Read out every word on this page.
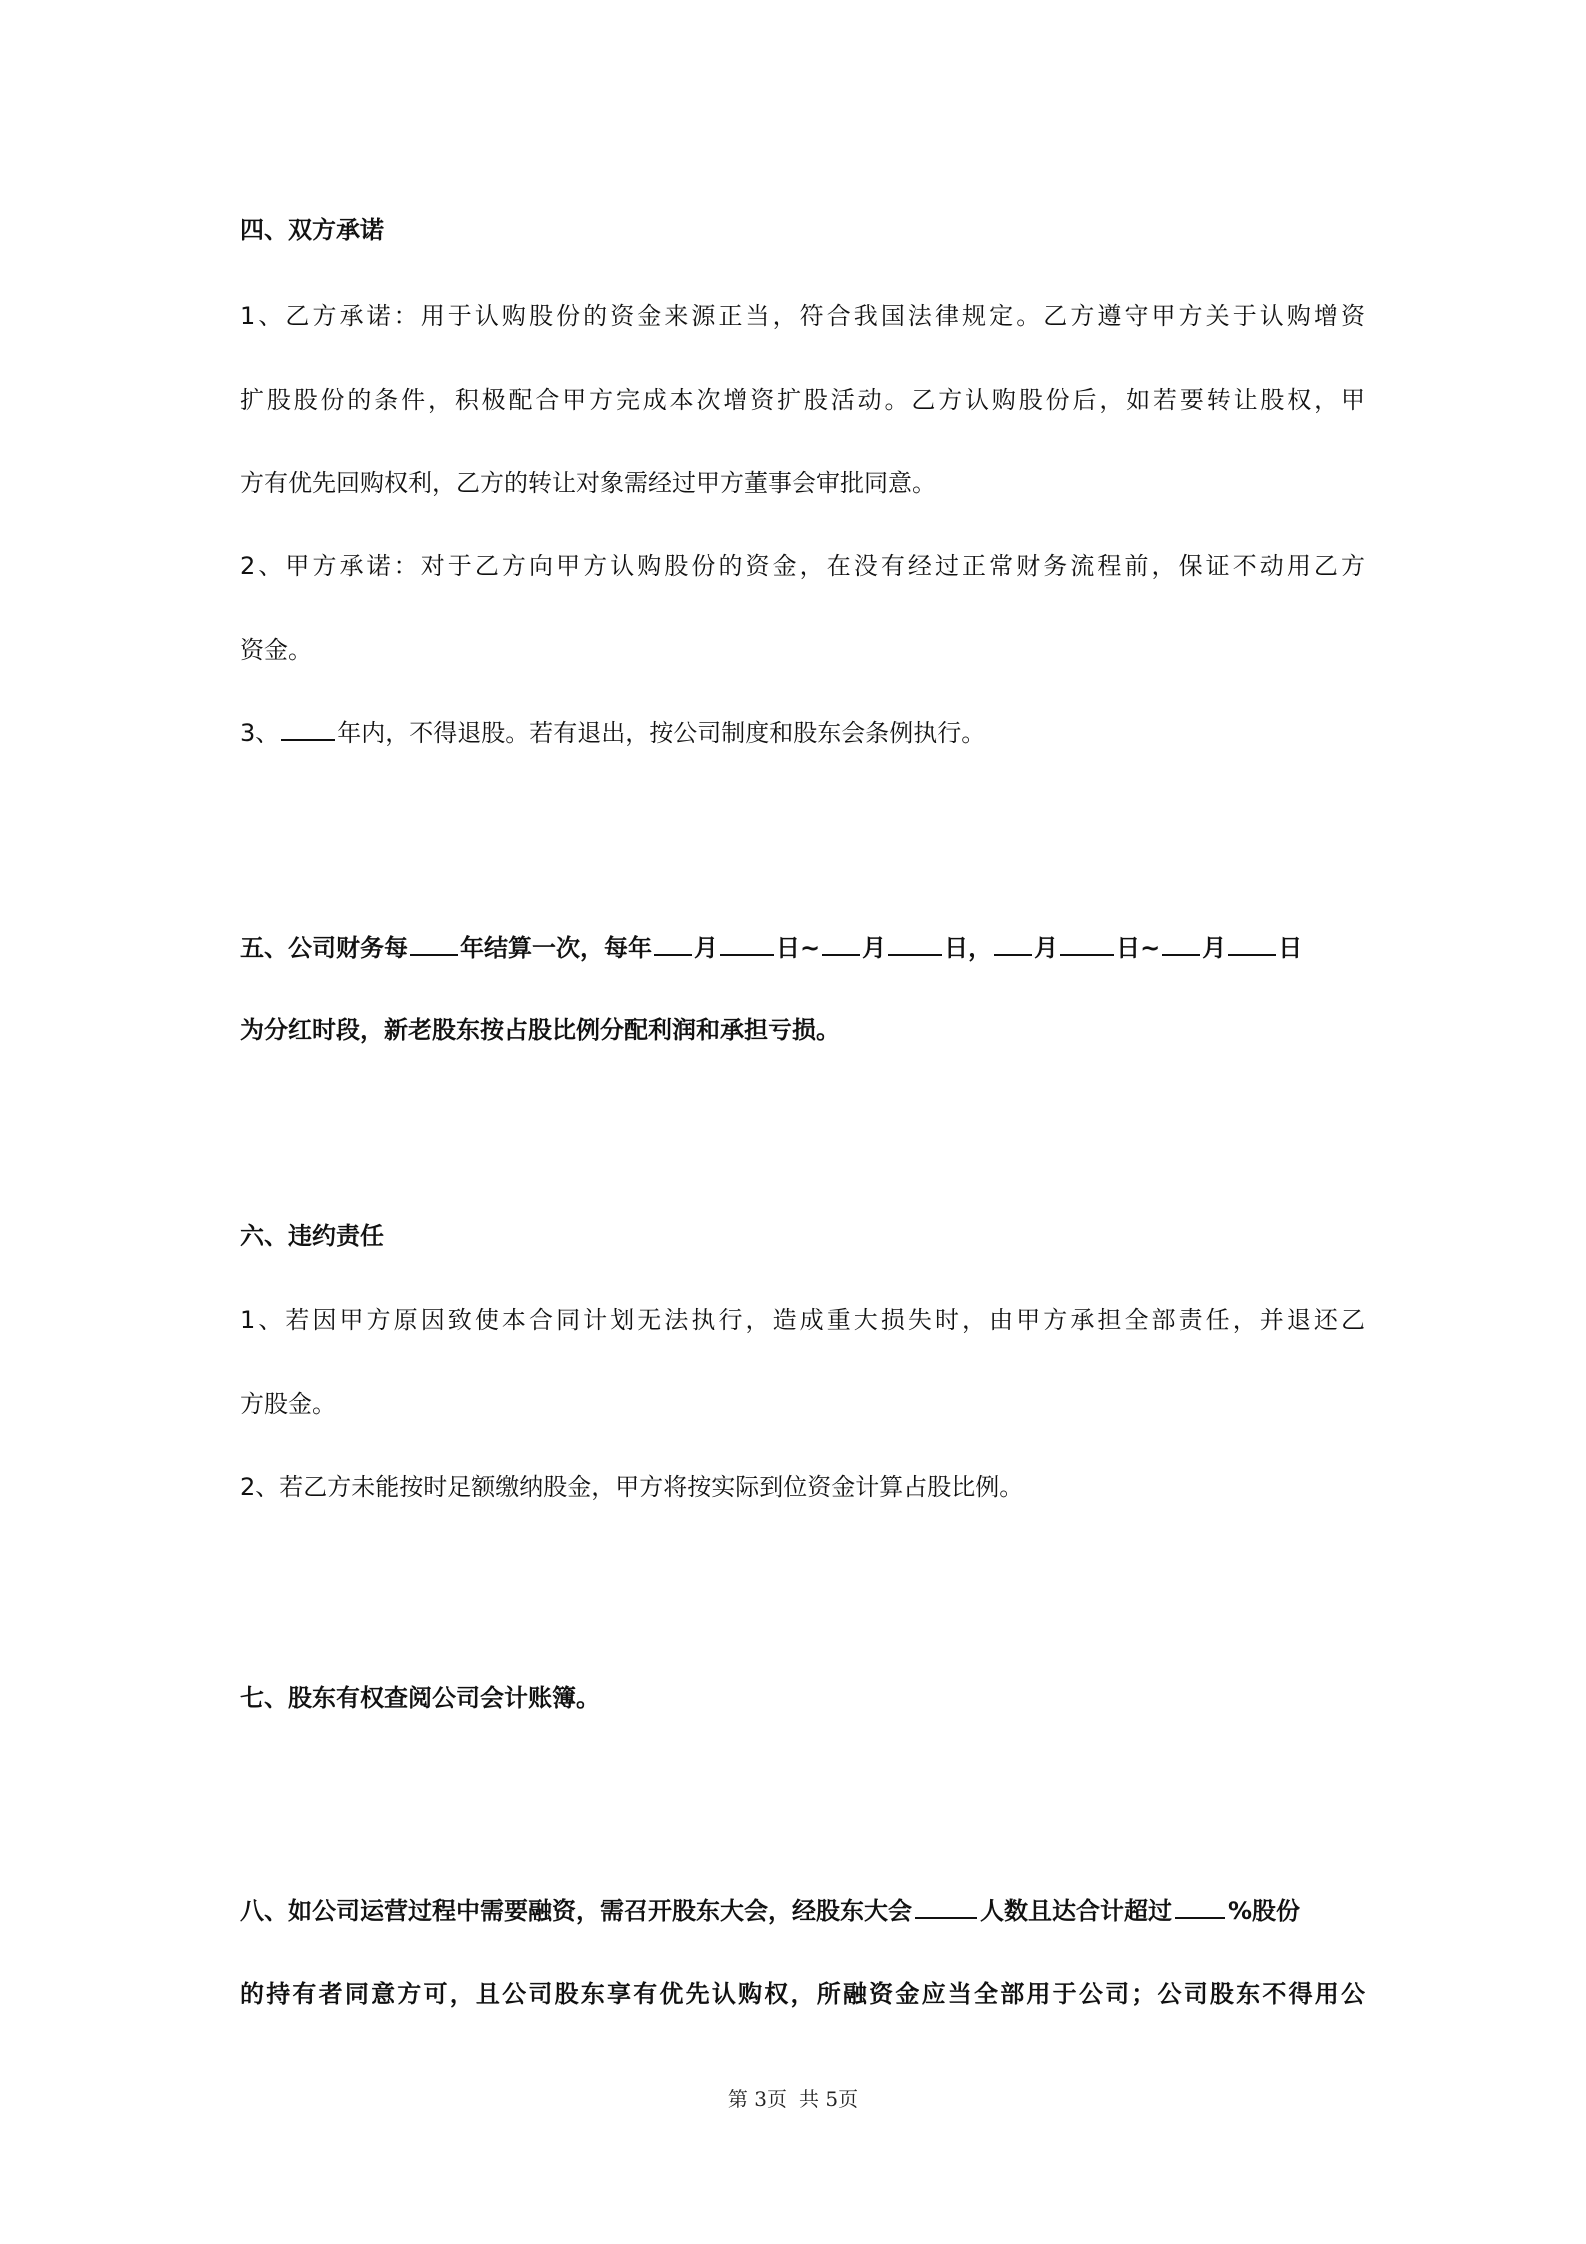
四、双方承诺
1、乙方承诺：用于认购股份的资金来源正当，符合我国法律规定。乙方遵守甲方关于认购增资
扩股股份的条件，积极配合甲方完成本次增资扩股活动。乙方认购股份后，如若要转让股权，甲
方有优先回购权利，乙方的转让对象需经过甲方董事会审批同意。
2、甲方承诺：对于乙方向甲方认购股份的资金，在没有经过正常财务流程前，保证不动用乙方
资金。
3、 年内，不得退股。若有退出，按公司制度和股东会条例执行。
五、公司财务每 年结算一次，每年 月 日~ 月 日， 月 日~ 月 日
为分红时段，新老股东按占股比例分配利润和承担亏损。
六、违约责任
1、若因甲方原因致使本合同计划无法执行，造成重大损失时，由甲方承担全部责任，并退还乙
方股金。
2、若乙方未能按时足额缴纳股金，甲方将按实际到位资金计算占股比例。
七、股东有权查阅公司会计账簿。
八、如公司运营过程中需要融资，需召开股东大会，经股东大会	人数且达合计超过 %股份
的持有者同意方可，且公司股东享有优先认购权，所融资金应当全部用于公司；公司股东不得用公
第 3页 共 5页
